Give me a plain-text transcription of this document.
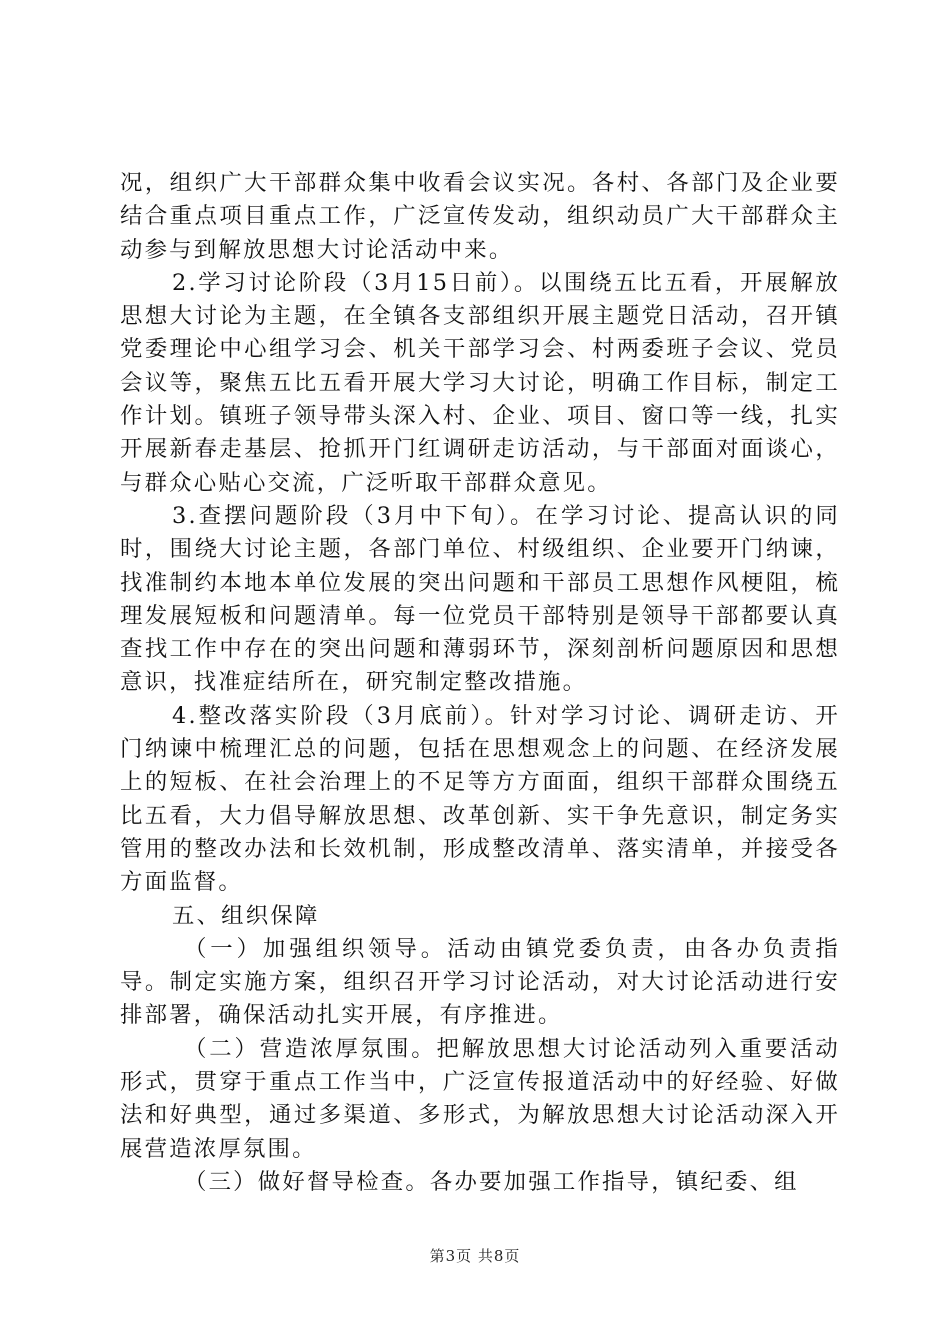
况，组织广大干部群众集中收看会议实况。各村、各部门及企业要结合重点项目重点工作，广泛宣传发动，组织动员广大干部群众主动参与到解放思想大讨论活动中来。

2.学习讨论阶段（3月15日前）。以围绕五比五看，开展解放思想大讨论为主题，在全镇各支部组织开展主题党日活动，召开镇党委理论中心组学习会、机关干部学习会、村两委班子会议、党员会议等，聚焦五比五看开展大学习大讨论，明确工作目标，制定工作计划。镇班子领导带头深入村、企业、项目、窗口等一线，扎实开展新春走基层、抢抓开门红调研走访活动，与干部面对面谈心，与群众心贴心交流，广泛听取干部群众意见。

3.查摆问题阶段（3月中下旬）。在学习讨论、提高认识的同时，围绕大讨论主题，各部门单位、村级组织、企业要开门纳谏，找准制约本地本单位发展的突出问题和干部员工思想作风梗阻，梳理发展短板和问题清单。每一位党员干部特别是领导干部都要认真查找工作中存在的突出问题和薄弱环节，深刻剖析问题原因和思想意识，找准症结所在，研究制定整改措施。

4.整改落实阶段（3月底前）。针对学习讨论、调研走访、开门纳谏中梳理汇总的问题，包括在思想观念上的问题、在经济发展上的短板、在社会治理上的不足等方方面面，组织干部群众围绕五比五看，大力倡导解放思想、改革创新、实干争先意识，制定务实管用的整改办法和长效机制，形成整改清单、落实清单，并接受各方面监督。

五、组织保障

（一）加强组织领导。活动由镇党委负责，由各办负责指导。制定实施方案，组织召开学习讨论活动，对大讨论活动进行安排部署，确保活动扎实开展，有序推进。

（二）营造浓厚氛围。把解放思想大讨论活动列入重要活动形式，贯穿于重点工作当中，广泛宣传报道活动中的好经验、好做法和好典型，通过多渠道、多形式，为解放思想大讨论活动深入开展营造浓厚氛围。

（三）做好督导检查。各办要加强工作指导，镇纪委、组

第3页 共8页
